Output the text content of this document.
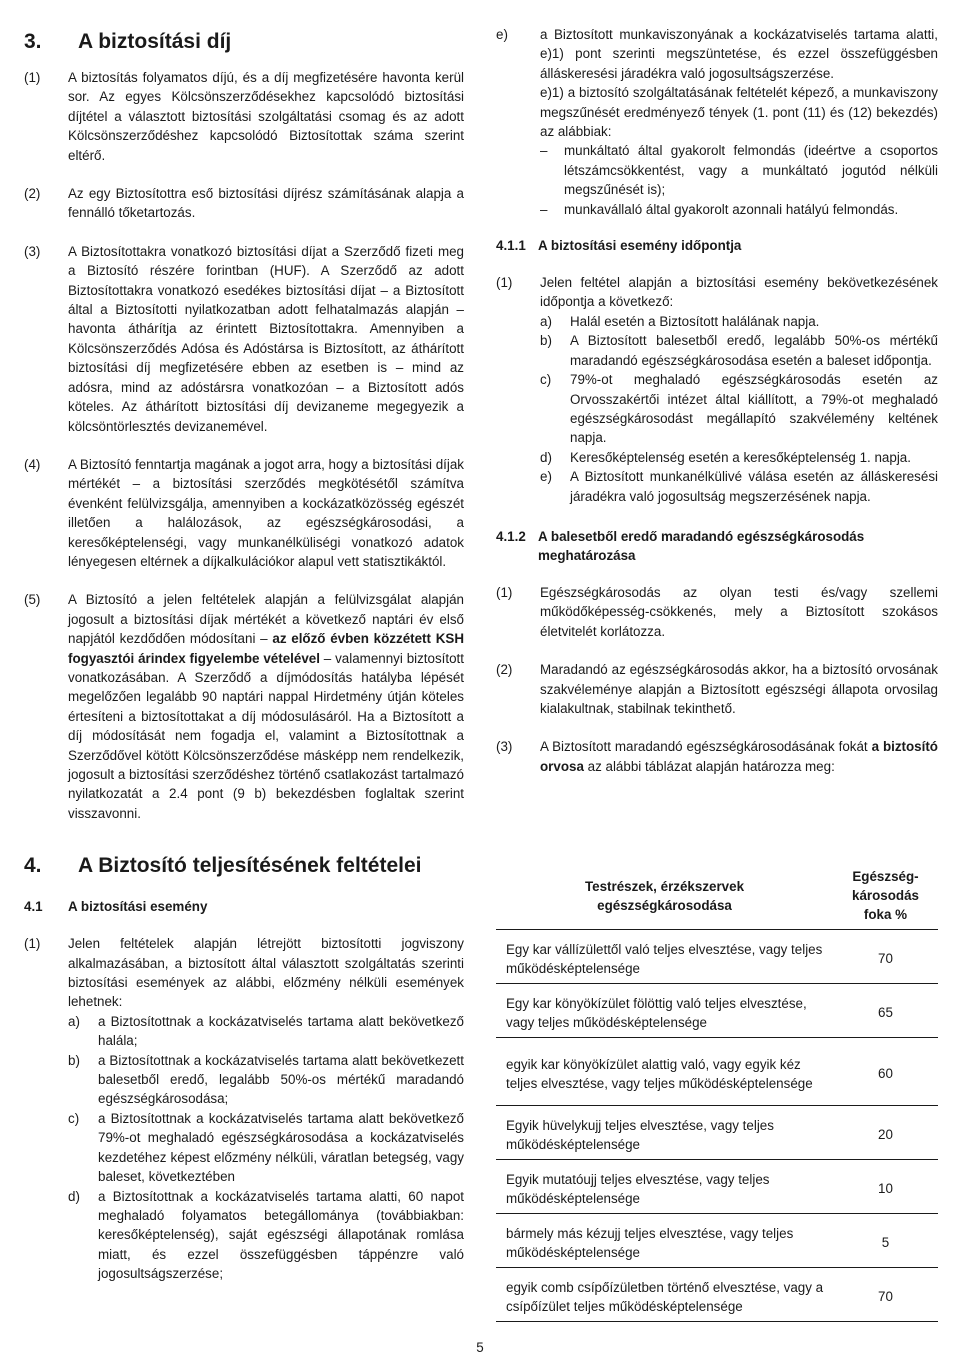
3.	A biztosítási díj
(1)	A biztosítás folyamatos díjú, és a díj megfizetésére havonta kerül sor. Az egyes Kölcsönszerződésekhez kapcsolódó biztosítási díjtétel a választott biztosítási szolgáltatási csomag és az adott Kölcsönszerződéshez kapcsolódó Biztosítottak száma szerint eltérő.
(2)	Az egy Biztosítottra eső biztosítási díjrész számításának alapja a fennálló tőketartozás.
(3)	A Biztosítottakra vonatkozó biztosítási díjat a Szerződő fizeti meg a Biztosító részére forintban (HUF). A Szerződő az adott Biztosítottakra vonatkozó esedékes biztosítási díjat – a Biztosított által a Biztosítotti nyilatkozatban adott felhatalmazás alapján – havonta áthárítja az érintett Biztosítottakra. Amennyiben a Kölcsönszerződés Adósa és Adóstársa is Biztosított, az áthárított biztosítási díj megfizetésére ebben az esetben is – mind az adósra, mind az adóstársra vonatkozóan – a Biztosított adós köteles. Az áthárított biztosítási díj devizaneme megegyezik a kölcsöntörlesztés devizanemével.
(4)	A Biztosító fenntartja magának a jogot arra, hogy a biztosítási díjak mértékét – a biztosítási szerződés megkötésétől számítva évenként felülvizsgálja, amennyiben a kockázatközösség egészét illetően a halálozások, az egészségkárosodási, a keresőképtelenségi, vagy munkanélküliségi vonatkozó adatok lényegesen eltérnek a díjkalkulációkor alapul vett statisztikáktól.
(5)	A Biztosító a jelen feltételek alapján a felülvizsgálat alapján jogosult a biztosítási díjak mértékét a következő naptári év első napjától kezdődően módosítani – az előző évben közzétett KSH fogyasztói árindex figyelembe vételével – valamennyi biztosított vonatkozásában. A Szerződő a díjmódosítás hatályba lépését megelőzően legalább 90 naptári nappal Hirdetmény útján köteles értesíteni a biztosítottakat a díj módosulásáról. Ha a Biztosított a díj módosítását nem fogadja el, valamint a Biztosítottnak a Szerződővel kötött Kölcsönszerződése másképp nem rendelkezik, jogosult a biztosítási szerződéshez történő csatlakozást tartalmazó nyilatkozatát a 2.4 pont (9 b) bekezdésben foglaltak szerint visszavonni.
4.	A Biztosító teljesítésének feltételei
4.1	A biztosítási esemény
(1)	Jelen feltételek alapján létrejött biztosítotti jogviszony alkalmazásában, a biztosított által választott szolgáltatás szerinti biztosítási események az alábbi, előzmény nélküli események lehetnek:
a)	a Biztosítottnak a kockázatviselés tartama alatt bekövetkező halála;
b)	a Biztosítottnak a kockázatviselés tartama alatt bekövetkezett balesetből eredő, legalább 50%-os mértékű maradandó egészségkárosodása;
c)	a Biztosítottnak a kockázatviselés tartama alatt bekövetkező 79%-ot meghaladó egészségkárosodása a kockázatviselés kezdetéhez képest előzmény nélküli, váratlan betegség, vagy baleset, következtében
d)	a Biztosítottnak a kockázatviselés tartama alatti, 60 napot meghaladó folyamatos betegállománya (továbbiakban: keresőképtelenség), saját egészségi állapotának romlása miatt, és ezzel összefüggésben táppénzre való jogosultságszerzése;
e)	a Biztosított munkaviszonyának a kockázatviselés tartama alatti, e)1) pont szerinti megszüntetése, és ezzel összefüggésben álláskeresési járadékra való jogosultságszerzése.
e)1) a biztosító szolgáltatásának feltételét képező, a munkaviszony megszűnését eredményező tények (1. pont (11) és (12) bekezdés) az alábbiak:
–	munkáltató által gyakorolt felmondás (ideértve a csoportos létszámcsökkentést, vagy a munkáltató jogutód nélküli megszűnését is);
–	munkavállaló által gyakorolt azonnali hatályú felmondás.
4.1.1 A biztosítási esemény időpontja
(1)	Jelen feltétel alapján a biztosítási esemény bekövetkezésének időpontja a következő:
a)	Halál esetén a Biztosított halálának napja.
b)	A Biztosított balesetből eredő, legalább 50%-os mértékű maradandó egészségkárosodása esetén a baleset időpontja.
c)	79%-ot meghaladó egészségkárosodás esetén az Orvosszakértői intézet által kiállított, a 79%-ot meghaladó egészségkárosodást megállapító szakvélemény keltének napja.
d)	Keresőképtelenség esetén a keresőképtelenség 1. napja.
e)	A Biztosított munkanélkülivé válása esetén az álláskeresési járadékra való jogosultság megszerzésének napja.
4.1.2 A balesetből eredő maradandó egészségkárosodás meghatározása
(1)	Egészségkárosodás az olyan testi és/vagy szellemi működőképesség-csökkenés, mely a Biztosított szokásos életvitelét korlátozza.
(2)	Maradandó az egészségkárosodás akkor, ha a biztosító orvosának szakvéleménye alapján a Biztosított egészségi állapota orvosilag kialakultnak, stabilnak tekinthető.
(3)	A Biztosított maradandó egészségkárosodásának fokát a biztosító orvosa az alábbi táblázat alapján határozza meg:
Testrészek, érzékszervek egészségkárosodása	Egészség-károsodás foka %
Egy kar vállízülettől való teljes elvesztése, vagy teljes működésképtelensége	70
Egy kar könyökízület fölöttig való teljes elvesztése, vagy teljes működésképtelensége	65
egyik kar könyökízület alattig való, vagy egyik kéz teljes elvesztése, vagy teljes működésképtelensége	60
Egyik hüvelykujj teljes elvesztése, vagy teljes működésképtelensége	20
Egyik mutatóujj teljes elvesztése, vagy teljes működésképtelensége	10
bármely más kézujj teljes elvesztése, vagy teljes működésképtelensége	5
egyik comb csípőízületben történő elvesztése, vagy a csípőízület teljes működésképtelensége	70
5
